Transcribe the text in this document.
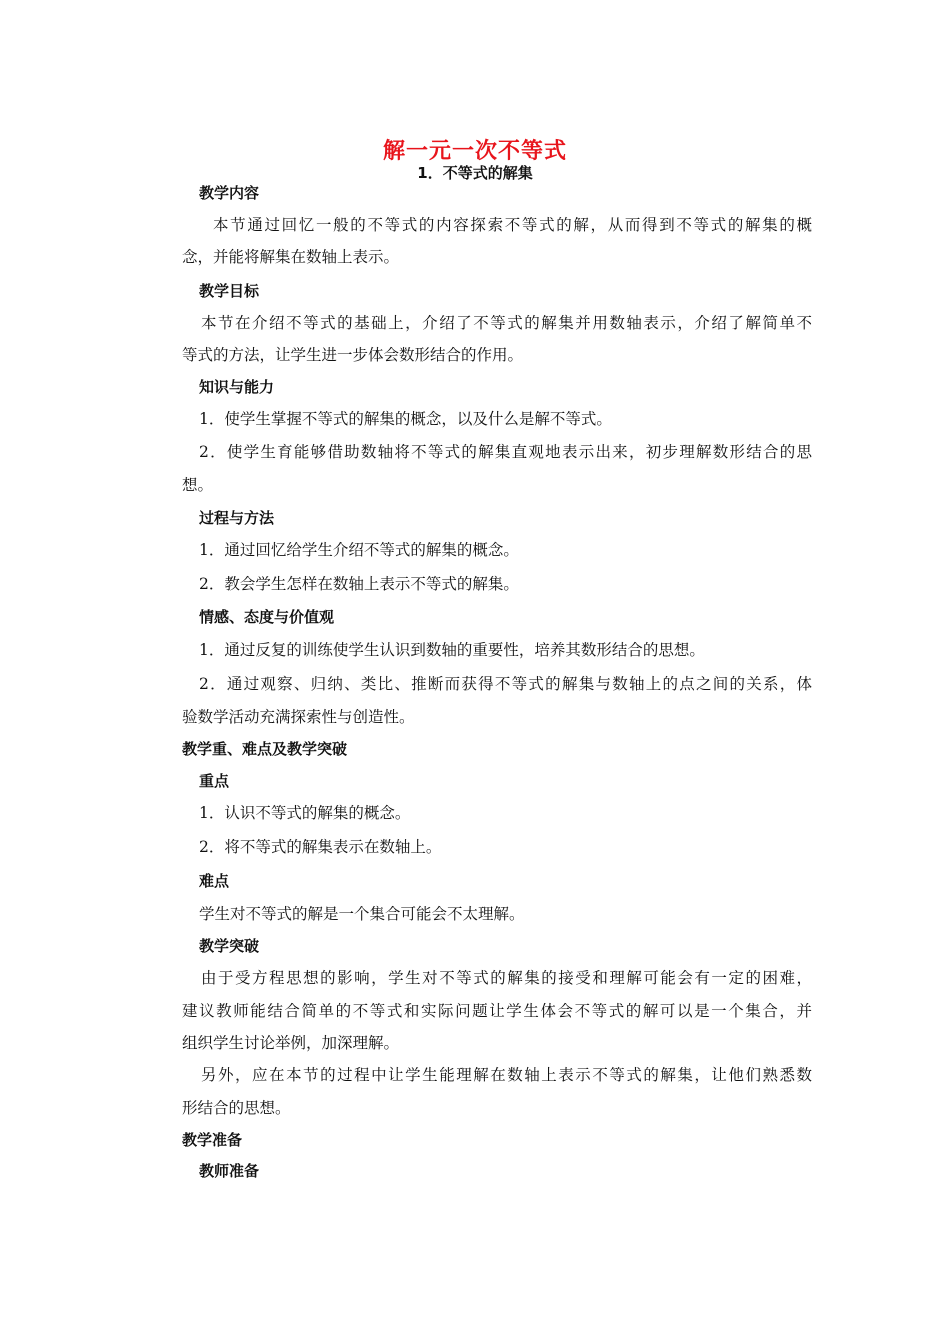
解一元一次不等式
1．不等式的解集
教学内容
本节通过回忆一般的不等式的内容探索不等式的解，从而得到不等式的解集的概
念，并能将解集在数轴上表示。
教学目标
本节在介绍不等式的基础上，介绍了不等式的解集并用数轴表示，介绍了解简单不
等式的方法，让学生进一步体会数形结合的作用。
知识与能力
1．使学生掌握不等式的解集的概念，以及什么是解不等式。
2．使学生育能够借助数轴将不等式的解集直观地表示出来，初步理解数形结合的思
想。
过程与方法
1．通过回忆给学生介绍不等式的解集的概念。
2．教会学生怎样在数轴上表示不等式的解集。
情感、态度与价值观
1．通过反复的训练使学生认识到数轴的重要性，培养其数形结合的思想。
2．通过观察、归纳、类比、推断而获得不等式的解集与数轴上的点之间的关系，体
验数学活动充满探索性与创造性。
教学重、难点及教学突破
重点
1．认识不等式的解集的概念。
2．将不等式的解集表示在数轴上。
难点
学生对不等式的解是一个集合可能会不太理解。
教学突破
由于受方程思想的影响，学生对不等式的解集的接受和理解可能会有一定的困难，
建议教师能结合简单的不等式和实际问题让学生体会不等式的解可以是一个集合，并
组织学生讨论举例，加深理解。
另外，应在本节的过程中让学生能理解在数轴上表示不等式的解集，让他们熟悉数
形结合的思想。
教学准备
教师准备
